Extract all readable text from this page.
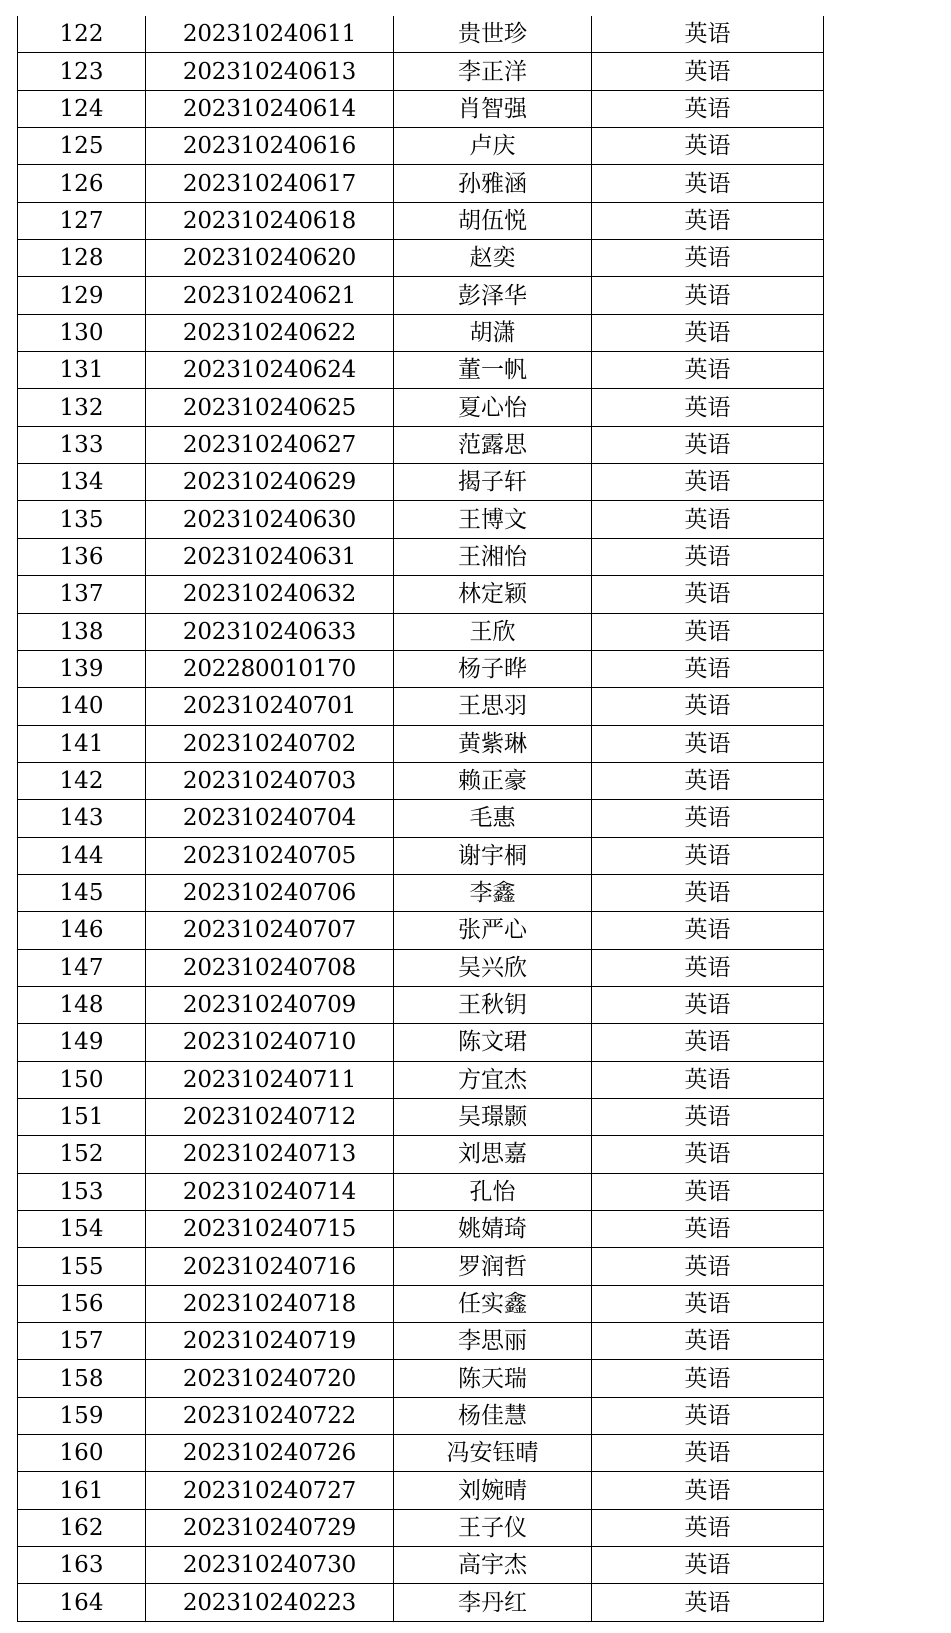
122	202310240611	贵世珍	英语
123	202310240613	李正洋	英语
124	202310240614	肖智强	英语
125	202310240616	卢庆	英语
126	202310240617	孙雅涵	英语
127	202310240618	胡伍悦	英语
128	202310240620	赵奕	英语
129	202310240621	彭泽华	英语
130	202310240622	胡潇	英语
131	202310240624	董一帆	英语
132	202310240625	夏心怡	英语
133	202310240627	范露思	英语
134	202310240629	揭子轩	英语
135	202310240630	王博文	英语
136	202310240631	王湘怡	英语
137	202310240632	林定颖	英语
138	202310240633	王欣	英语
139	202280010170	杨子晔	英语
140	202310240701	王思羽	英语
141	202310240702	黄紫琳	英语
142	202310240703	赖正豪	英语
143	202310240704	毛惠	英语
144	202310240705	谢宇桐	英语
145	202310240706	李鑫	英语
146	202310240707	张严心	英语
147	202310240708	吴兴欣	英语
148	202310240709	王秋钥	英语
149	202310240710	陈文珺	英语
150	202310240711	方宜杰	英语
151	202310240712	吴璟颢	英语
152	202310240713	刘思嘉	英语
153	202310240714	孔怡	英语
154	202310240715	姚婧琦	英语
155	202310240716	罗润哲	英语
156	202310240718	任实鑫	英语
157	202310240719	李思丽	英语
158	202310240720	陈天瑞	英语
159	202310240722	杨佳慧	英语
160	202310240726	冯安钰晴	英语
161	202310240727	刘婉晴	英语
162	202310240729	王子仪	英语
163	202310240730	高宇杰	英语
164	202310240223	李丹红	英语
